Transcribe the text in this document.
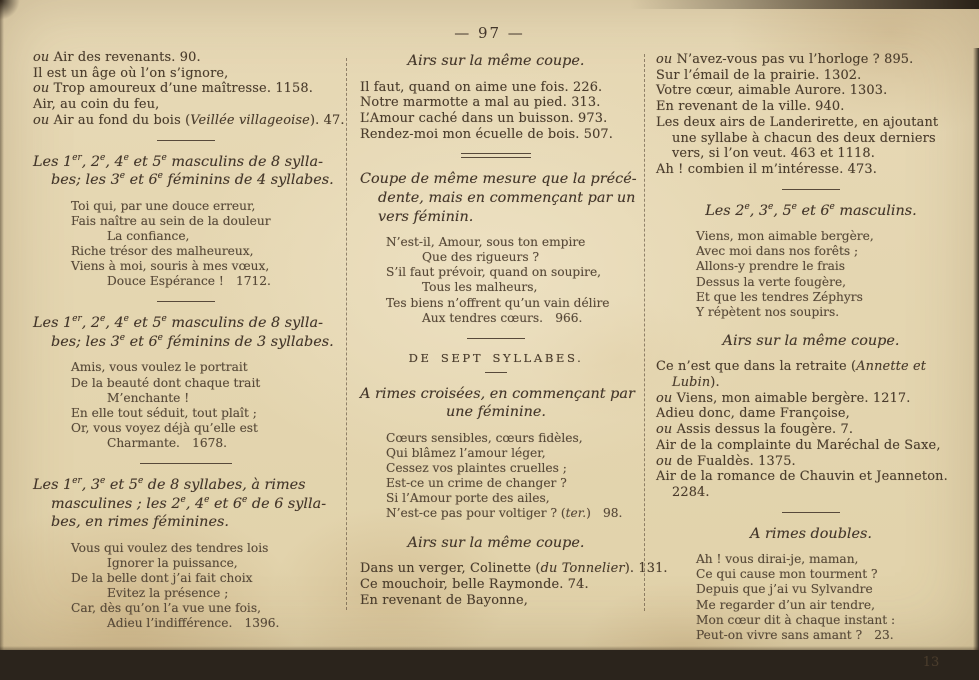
— 97 —
ou Air des revenants. 90.
Il est un âge où l’on s’ignore,
ou Trop amoureux d’une maîtresse. 1158.
Air, au coin du feu,
ou Air au fond du bois (Veillée villageoise). 47.
Les 1er, 2e, 4e et 5e masculins de 8 sylla-
bes; les 3e et 6e féminins de 4 syllabes.
Toi qui, par une douce erreur,
Fais naître au sein de la douleur
La confiance,
Riche trésor des malheureux,
Viens à moi, souris à mes vœux,
Douce Espérance ! 1712.
Les 1er, 2e, 4e et 5e masculins de 8 sylla-
bes; les 3e et 6e féminins de 3 syllabes.
Amis, vous voulez le portrait
De la beauté dont chaque trait
M’enchante !
En elle tout séduit, tout plaît ;
Or, vous voyez déjà qu’elle est
Charmante. 1678.
Les 1er, 3e et 5e de 8 syllabes, à rimes
masculines ; les 2e, 4e et 6e de 6 sylla-
bes, en rimes féminines.
Vous qui voulez des tendres lois
Ignorer la puissance,
De la belle dont j’ai fait choix
Evitez la présence ;
Car, dès qu’on l’a vue une fois,
Adieu l’indifférence. 1396.
Airs sur la même coupe.
Il faut, quand on aime une fois. 226.
Notre marmotte a mal au pied. 313.
L’Amour caché dans un buisson. 973.
Rendez-moi mon écuelle de bois. 507.
Coupe de même mesure que la précé-
dente, mais en commençant par un
vers féminin.
N’est-il, Amour, sous ton empire
Que des rigueurs ?
S’il faut prévoir, quand on soupire,
Tous les malheurs,
Tes biens n’offrent qu’un vain délire
Aux tendres cœurs. 966.
DE SEPT SYLLABES.
A rimes croisées, en commençant par
une féminine.
Cœurs sensibles, cœurs fidèles,
Qui blâmez l’amour léger,
Cessez vos plaintes cruelles ;
Est-ce un crime de changer ?
Si l’Amour porte des ailes,
N’est-ce pas pour voltiger ? (ter.) 98.
Airs sur la même coupe.
Dans un verger, Colinette (du Tonnelier). 131.
Ce mouchoir, belle Raymonde. 74.
En revenant de Bayonne,
ou N’avez-vous pas vu l’horloge ? 895.
Sur l’émail de la prairie. 1302.
Votre cœur, aimable Aurore. 1303.
En revenant de la ville. 940.
Les deux airs de Landerirette, en ajoutant
une syllabe à chacun des deux derniers
vers, si l’on veut. 463 et 1118.
Ah ! combien il m’intéresse. 473.
Les 2e, 3e, 5e et 6e masculins.
Viens, mon aimable bergère,
Avec moi dans nos forêts ;
Allons-y prendre le frais
Dessus la verte fougère,
Et que les tendres Zéphyrs
Y répètent nos soupirs.
Airs sur la même coupe.
Ce n’est que dans la retraite (Annette et
Lubin).
ou Viens, mon aimable bergère. 1217.
Adieu donc, dame Françoise,
ou Assis dessus la fougère. 7.
Air de la complainte du Maréchal de Saxe,
ou de Fualdès. 1375.
Air de la romance de Chauvin et Jeanneton.
2284.
A rimes doubles.
Ah ! vous dirai-je, maman,
Ce qui cause mon tourment ?
Depuis que j’ai vu Sylvandre
Me regarder d’un air tendre,
Mon cœur dit à chaque instant :
Peut-on vivre sans amant ? 23.
13
